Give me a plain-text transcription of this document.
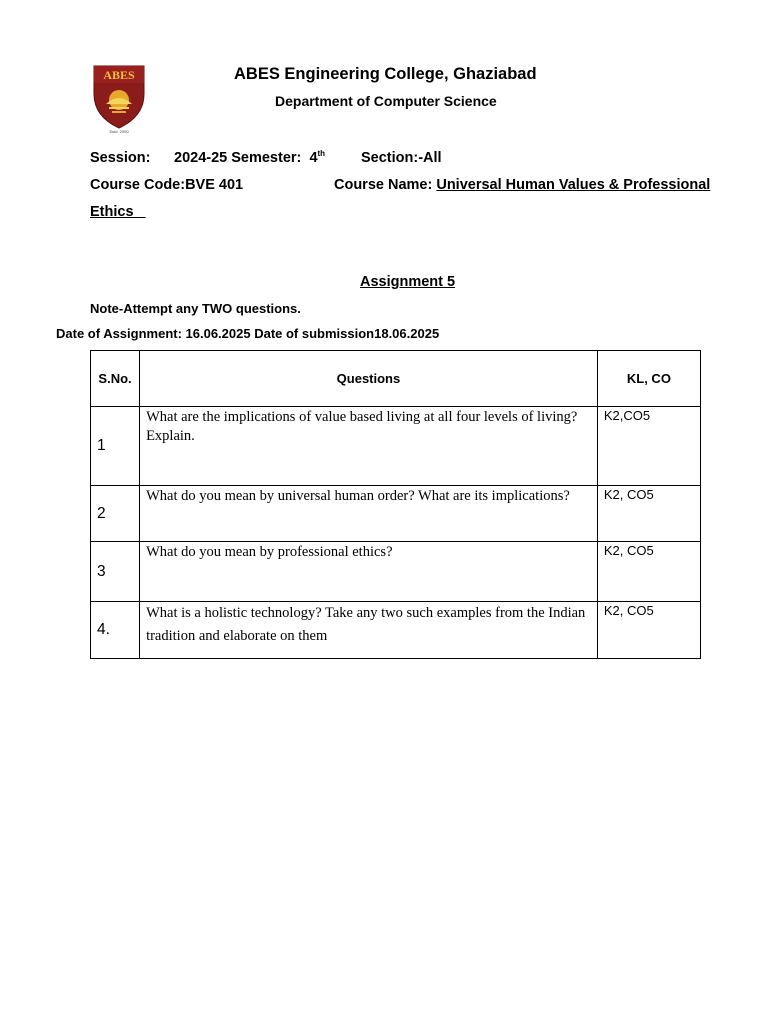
ABES
Estd. 2000
ABES Engineering College, Ghaziabad
Department of Computer Science
Session: 2024-25 Semester: 4th Section:-All
Course Code:BVE 401	Course Name: Universal Human Values & Professional
Ethics
Assignment 5
Note-Attempt any TWO questions.
Date of Assignment: 16.06.2025 Date of submission18.06.2025
S.No.	Questions	KL, CO
1	What are the implications of value based living at all four levels of living? Explain.	K2,CO5
2	What do you mean by universal human order? What are its implications?	K2, CO5
3	What do you mean by professional ethics?	K2, CO5
4.	What is a holistic technology? Take any two such examples from the Indian tradition and elaborate on them	K2, CO5
